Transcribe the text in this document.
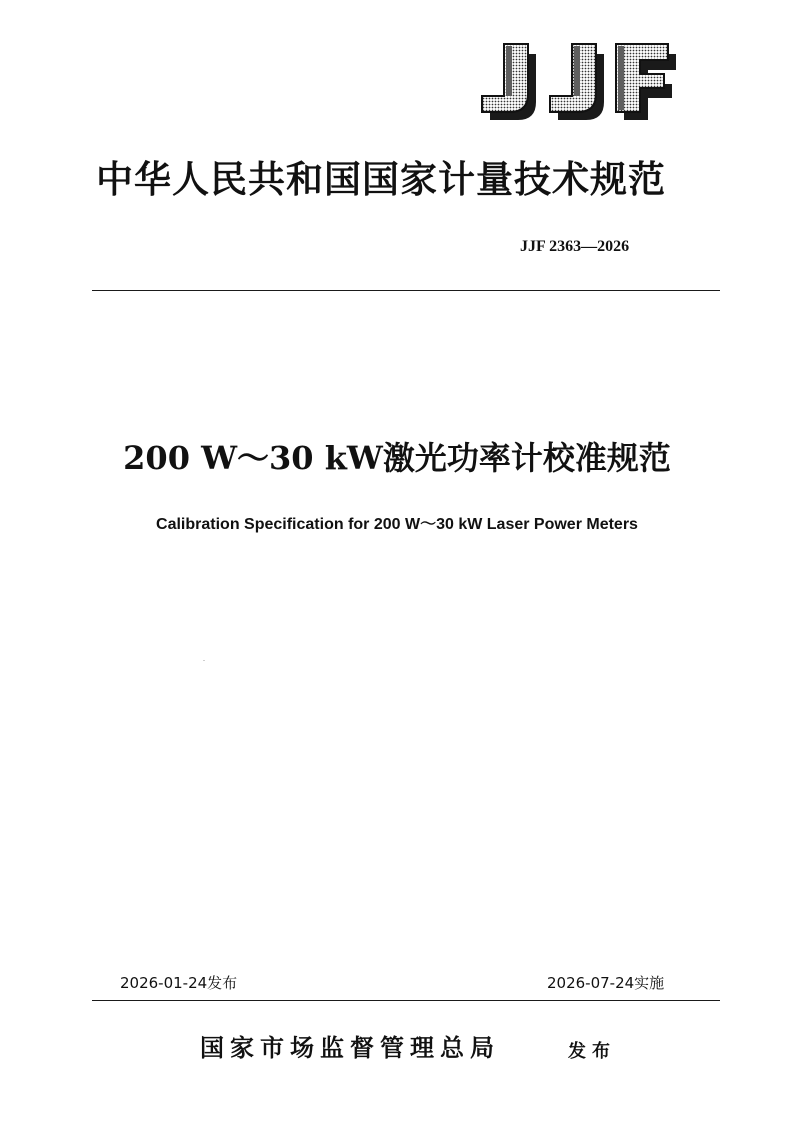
中华人民共和国国家计量技术规范
JJF 2363—2026
200 W～30 kW激光功率计校准规范
Calibration Specification for 200 W～30 kW Laser Power Meters
2026-01-24发布	2026-07-24实施
国家市场监督管理总局	发布
